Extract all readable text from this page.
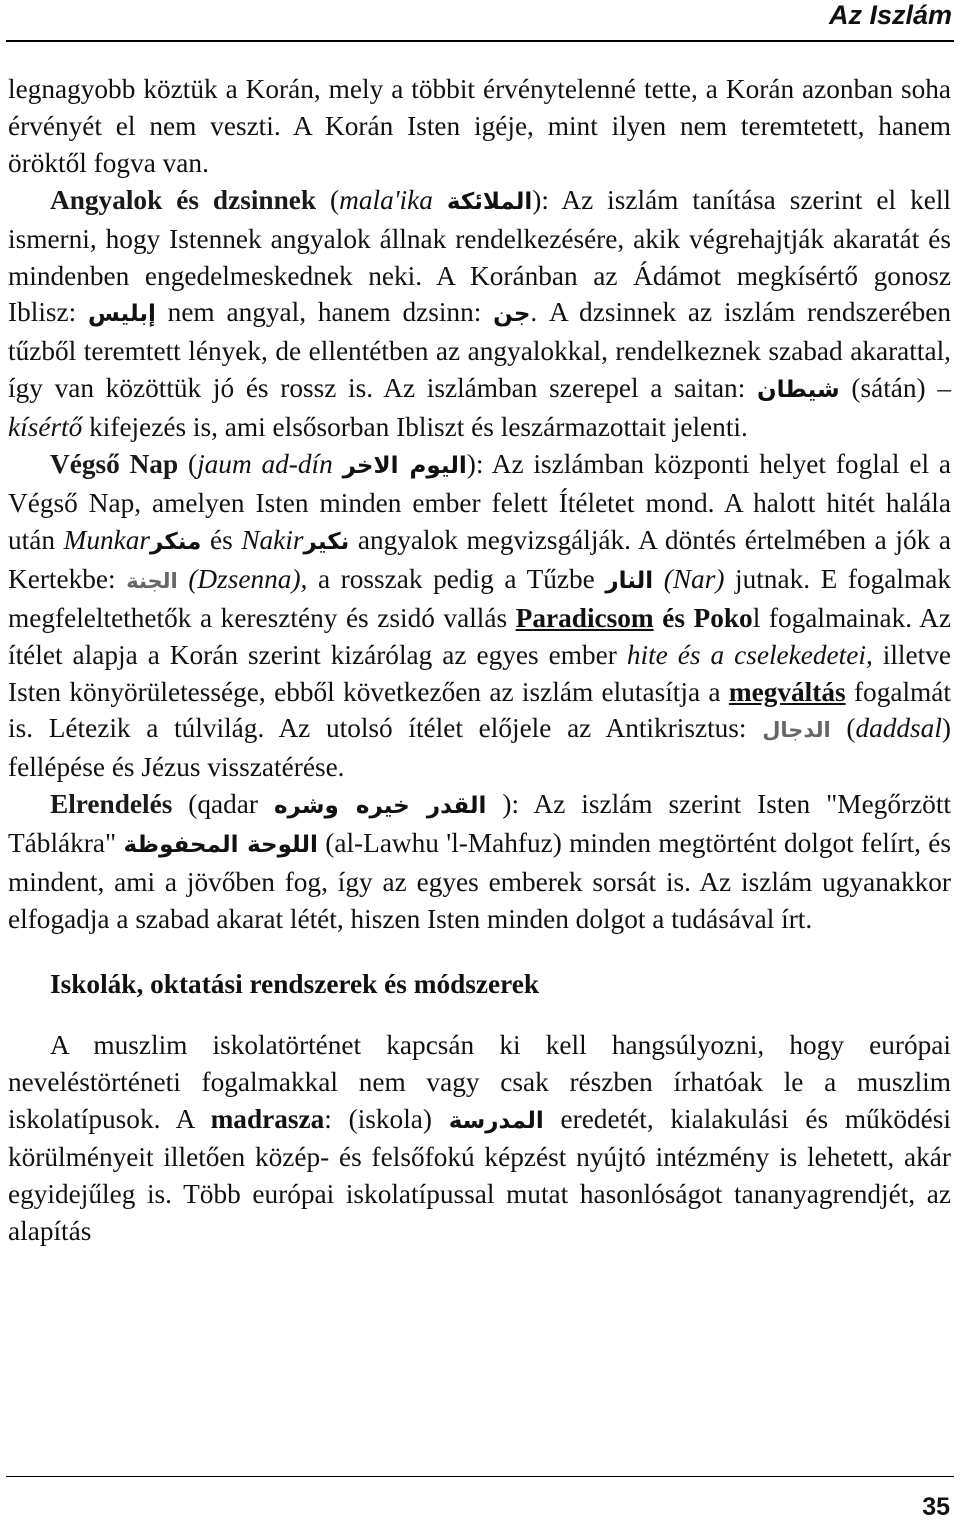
Az Iszlám

legnagyobb köztük a Korán, mely a többit érvénytelenné tette, a Korán azonban soha érvényét el nem veszti. A Korán Isten igéje, mint ilyen nem teremtetett, hanem öröktől fogva van.

Angyalok és dzsinnek (mala'ika الملائكة): Az iszlám tanítása szerint el kell ismerni, hogy Istennek angyalok állnak rendelkezésére, akik végrehajtják akaratát és mindenben engedelmeskednek neki. A Koránban az Ádámot megkísértő gonosz Iblisz: إبليس nem angyal, hanem dzsinn: جن. A dzsinnek az iszlám rendszerében tűzből teremtett lények, de ellentétben az angyalokkal, rendelkeznek szabad akarattal, így van közöttük jó és rossz is. Az iszlámban szerepel a saitan: شيطان (sátán) – kísértő kifejezés is, ami elsősorban Ibliszt és leszármazottait jelenti.

Végső Nap (jaum ad-dín اليوم الاخر): Az iszlámban központi helyet foglal el a Végső Nap, amelyen Isten minden ember felett Ítéletet mond. A halott hitét halála után Munkarمنكر és Nakirنكير angyalok megvizsgálják. A döntés értelmében a jók a Kertekbe: الجنة (Dzsenna), a rosszak pedig a Tűzbe النار (Nar) jutnak. E fogalmak megfeleltethetők a keresztény és zsidó vallás Paradicsom és Pokol fogalmainak. Az ítélet alapja a Korán szerint kizárólag az egyes ember hite és a cselekedetei, illetve Isten könyörületessége, ebből következően az iszlám elutasítja a megváltás fogalmát is. Létezik a túlvilág. Az utolsó ítélet előjele az Antikrisztus: الدجال (daddsal) fellépése és Jézus visszatérése.

Elrendelés (qadar القدر خيره وشره ): Az iszlám szerint Isten "Megőrzött Táblákra" اللوحة المحفوظة (al-Lawhu 'l-Mahfuz) minden megtörtént dolgot felírt, és mindent, ami a jövőben fog, így az egyes emberek sorsát is. Az iszlám ugyanakkor elfogadja a szabad akarat létét, hiszen Isten minden dolgot a tudásával írt.

Iskolák, oktatási rendszerek és módszerek

A muszlim iskolatörténet kapcsán ki kell hangsúlyozni, hogy európai neveléstörténeti fogalmakkal nem vagy csak részben írhatóak le a muszlim iskolatípusok. A madrasza: (iskola) المدرسة eredetét, kialakulási és működési körülményeit illetően közép- és felsőfokú képzést nyújtó intézmény is lehetett, akár egyidejűleg is. Több európai iskolatípussal mutat hasonlóságot tananyagrendjét, az alapítás

35
